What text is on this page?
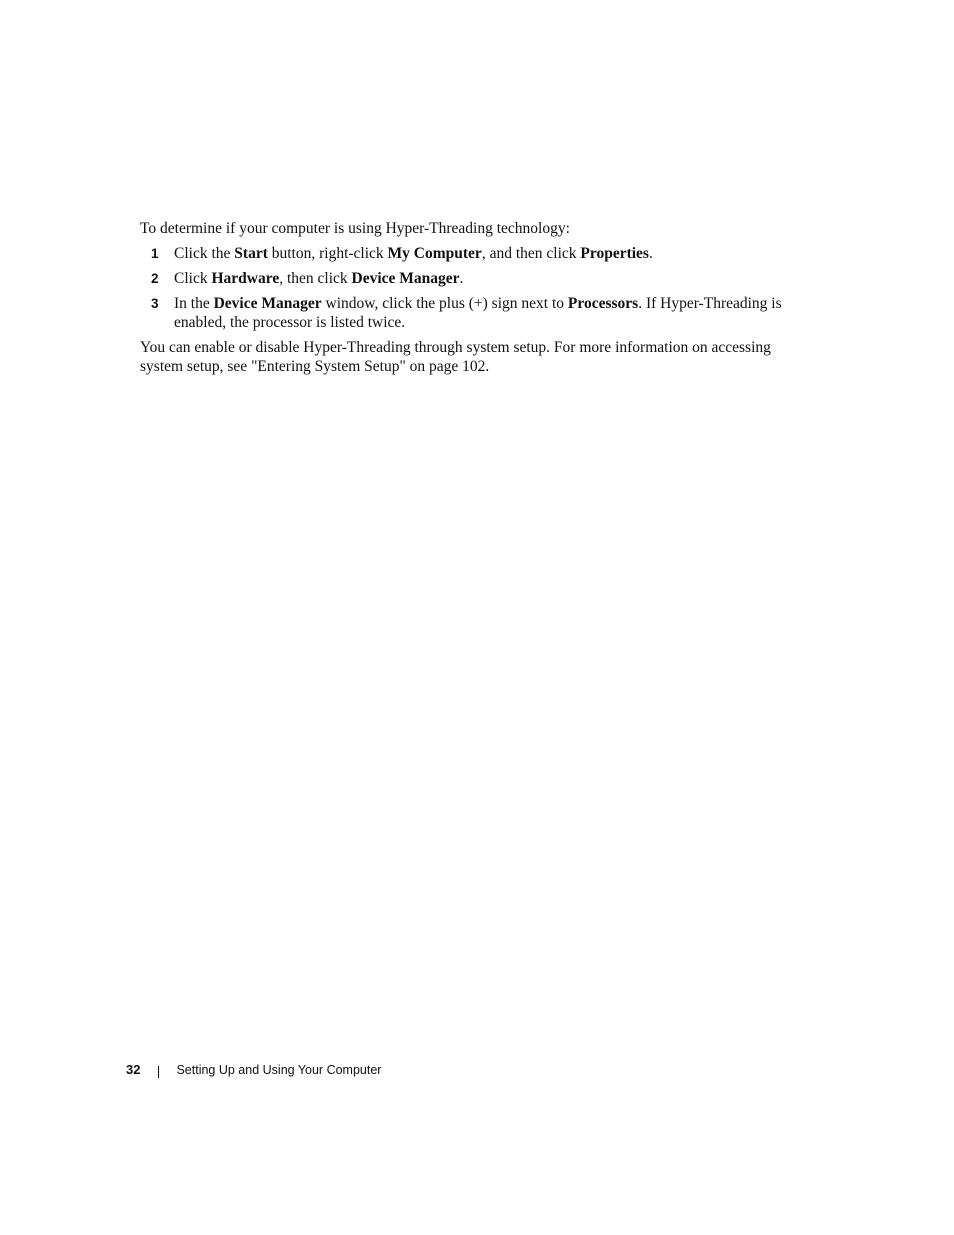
To determine if your computer is using Hyper-Threading technology:

1 Click the Start button, right-click My Computer, and then click Properties.
2 Click Hardware, then click Device Manager.
3 In the Device Manager window, click the plus (+) sign next to Processors. If Hyper-Threading is enabled, the processor is listed twice.

You can enable or disable Hyper-Threading through system setup. For more information on accessing system setup, see "Entering System Setup" on page 102.

32	Setting Up and Using Your Computer
